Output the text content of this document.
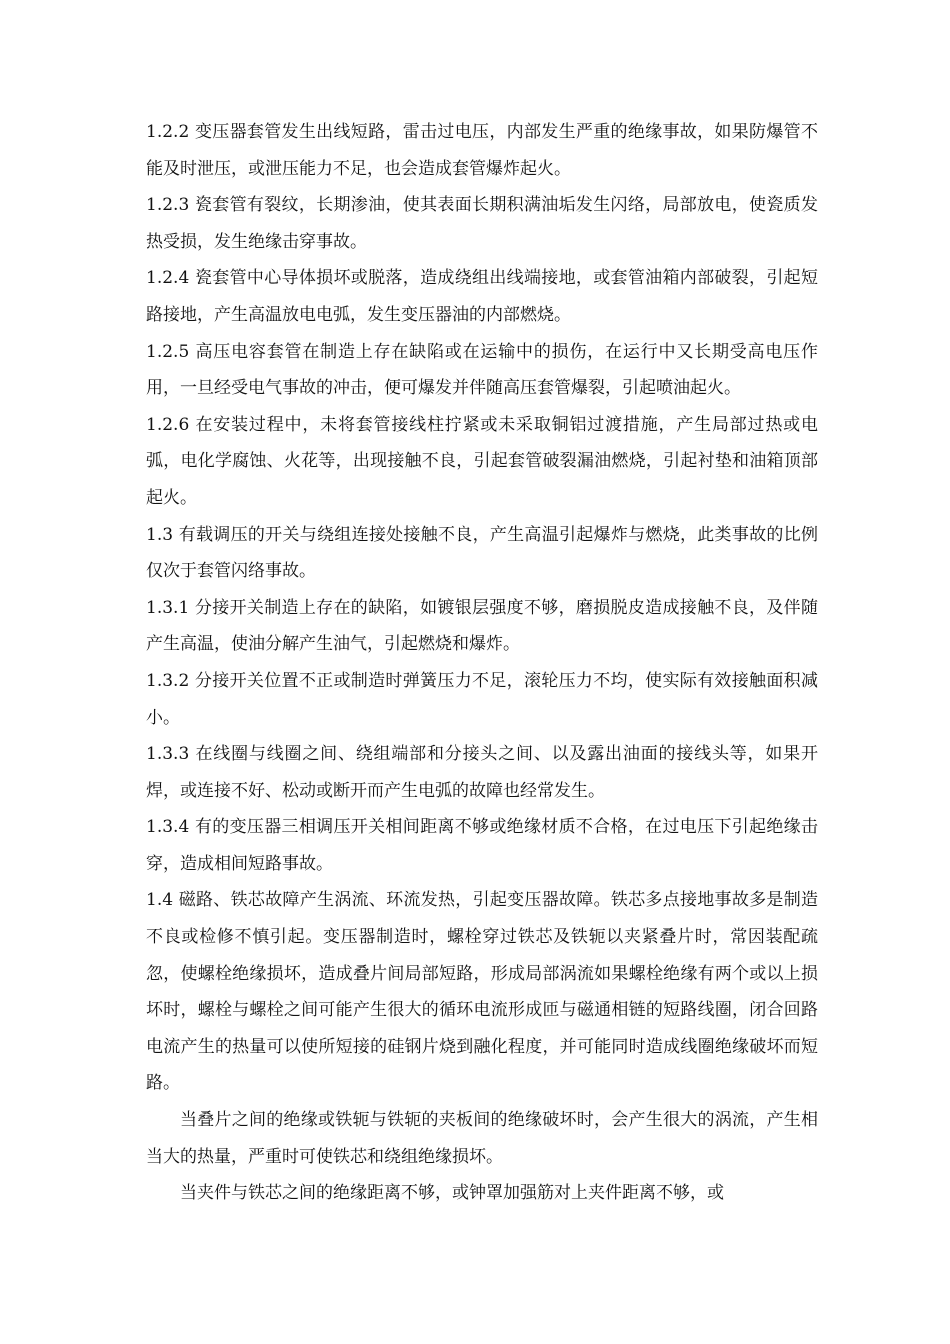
1.2.2 变压器套管发生出线短路，雷击过电压，内部发生严重的绝缘事故，如果防爆管不能及时泄压，或泄压能力不足，也会造成套管爆炸起火。

1.2.3 瓷套管有裂纹，长期渗油，使其表面长期积满油垢发生闪络，局部放电，使瓷质发热受损，发生绝缘击穿事故。

1.2.4 瓷套管中心导体损坏或脱落，造成绕组出线端接地，或套管油箱内部破裂，引起短路接地，产生高温放电电弧，发生变压器油的内部燃烧。

1.2.5 高压电容套管在制造上存在缺陷或在运输中的损伤，在运行中又长期受高电压作用，一旦经受电气事故的冲击，便可爆发并伴随高压套管爆裂，引起喷油起火。

1.2.6 在安装过程中，未将套管接线柱拧紧或未采取铜铝过渡措施，产生局部过热或电弧，电化学腐蚀、火花等，出现接触不良，引起套管破裂漏油燃烧，引起衬垫和油箱顶部起火。

1.3 有载调压的开关与绕组连接处接触不良，产生高温引起爆炸与燃烧，此类事故的比例仅次于套管闪络事故。

1.3.1 分接开关制造上存在的缺陷，如镀银层强度不够，磨损脱皮造成接触不良，及伴随产生高温，使油分解产生油气，引起燃烧和爆炸。

1.3.2 分接开关位置不正或制造时弹簧压力不足，滚轮压力不均，使实际有效接触面积减小。

1.3.3 在线圈与线圈之间、绕组端部和分接头之间、以及露出油面的接线头等，如果开焊，或连接不好、松动或断开而产生电弧的故障也经常发生。

1.3.4 有的变压器三相调压开关相间距离不够或绝缘材质不合格，在过电压下引起绝缘击穿，造成相间短路事故。

1.4 磁路、铁芯故障产生涡流、环流发热，引起变压器故障。铁芯多点接地事故多是制造不良或检修不慎引起。变压器制造时，螺栓穿过铁芯及铁轭以夹紧叠片时，常因装配疏忽，使螺栓绝缘损坏，造成叠片间局部短路，形成局部涡流如果螺栓绝缘有两个或以上损坏时，螺栓与螺栓之间可能产生很大的循环电流形成匝与磁通相链的短路线圈，闭合回路电流产生的热量可以使所短接的硅钢片烧到融化程度，并可能同时造成线圈绝缘破坏而短路。

当叠片之间的绝缘或铁轭与铁轭的夹板间的绝缘破坏时，会产生很大的涡流，产生相当大的热量，严重时可使铁芯和绕组绝缘损坏。

当夹件与铁芯之间的绝缘距离不够，或钟罩加强筋对上夹件距离不够，或
